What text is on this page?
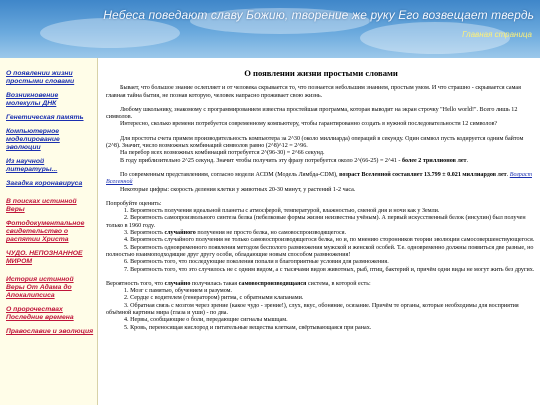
Небеса поведают славу Божию, творение же руку Его возвещает твердь
Главная страница
О появлении жизни простыми словами
Возникновение молекулы ДНК
Генетическая память
Компьютерное моделирование эволюции
Из научной литературы...
Загадка коронавируса
В поисках истинной Веры
Фотодокументальное свидетельство о распятии Христа
ЧУДО. НЕПОЗНАННОЕ МИРОМ
История истинной Веры От Адама до Апокалипсиса
О пророчествах Последние времена
Православие и эволюция
О появлении жизни простыми словами

Бывает, что большое знание ослепляет и от человека скрывается то, что познается небольшим знанием, простым умом. И что страшно - скрывается самая главная тайна бытия, не познав которую, человек напрасно проживает свою жизнь.

Любому школьнику, знакомому с программированием известна простейшая программа, которая выводит на экран строчку "Hello world!". Всего лишь 12 символов.

Интересно, сколько времени потребуется современному компьютеру, чтобы гарантированно создать в нужной последовательности 12 символов?

Для простоты счета примем производительность компьютера за 2^30 (около миллиарда) операций в секунду. Один символ пусть кодируется одним байтом (2^8). Значит, число возможных комбинаций символов равно (2^8)^12 = 2^96.

На перебор всех возможных комбинаций потребуется 2^(96-30) = 2^66 секунд.

В году приблизительно 2^25 секунд. Значит чтобы получить эту фразу потребуется около 2^(66-25) = 2^41 - более 2 триллионов лет.

По современным представлениям, согласно модели ACDM (Модель Лямбда-CDM), возраст Вселенной составляет 13.799 ± 0.021 миллиардов лет. Возраст Вселенной

Некоторые цифры: скорость деления клетки у животных 20-30 минут, у растений 1-2 часа.

Попробуйте оценить:

1. Вероятность получения идеальной планеты с атмосферой, температурой, влажностью, сменой дня и ночи как у Земли.

2. Вероятность самопроизвольного синтеза белка (пебелковые формы жизни неизвестны учёным). А первый искусственный белок (инсулин) был получен только в 1960 году.

3. Вероятность случайного получения не просто белка, но самовоспроизводящегося.

4. Вероятность случайного получения не только самовоспроизводящегося белка, но и, по мнению сторонников теории эволюции самосовершенствующегося.

5. Вероятность одновременного появления методом бесполого размножения мужской и женской особей. Т.е. одновременно должны появиться две разные, но полностью взаимоподходящие друг другу особи, обладающие новым способом размножения!

6. Вероятность того, что последующие поколения попали в благоприятные условия для размножения.

7. Вероятность того, что это случилось не с одним видом, а с тысячами видов животных, рыб, птиц, бактерий и, причём одни виды не могут жить без других.

Вероятность того, что случайно получилась такая самовоспроизводящаяся система, в которой есть:

1. Мозг с памятью, обучением и разумом.

2. Сердце с водителем (генератором) ритма, с обратными клапанами.

3. Обратная связь с мозгом через зрение (какое чудо - зрение!), слух, вкус, обоняние, осязание. Причём те органы, которые необходимы для восприятия объёмной картины мира (глаза и уши) - по два.

4. Нервы, сообщающие о боли, передающие сигналы мышцам.

5. Кровь, переносящая кислород и питательные вещества клеткам, свёртывающаяся при ранах.
